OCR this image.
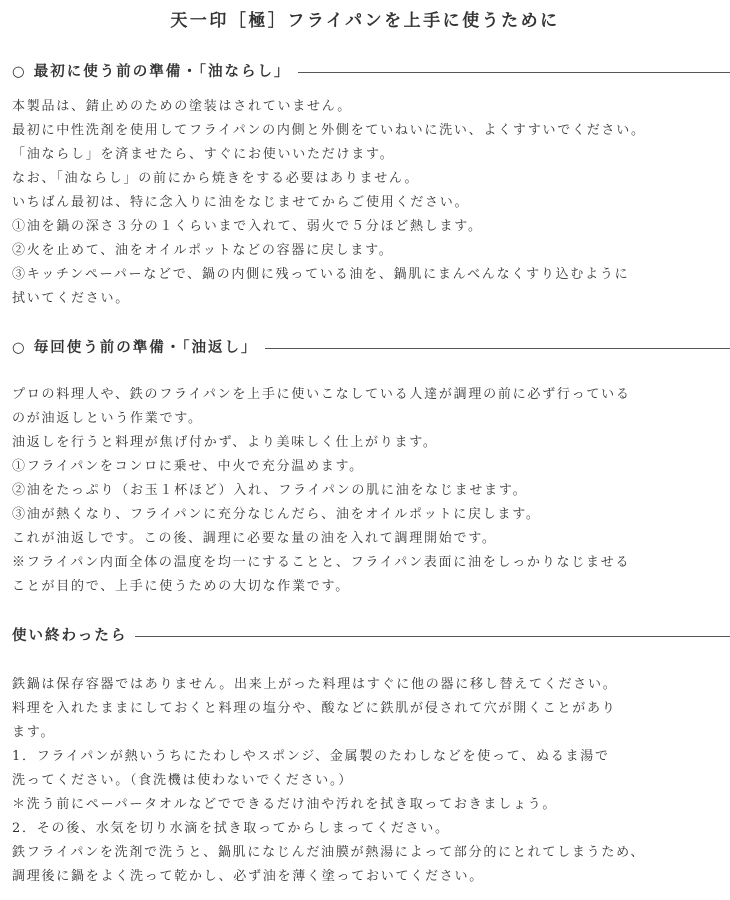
天一印［極］フライパンを上手に使うために
○ 最初に使う前の準備・「油ならし」
本製品は、錆止めのための塗装はされていません。
最初に中性洗剤を使用してフライパンの内側と外側をていねいに洗い、よくすすいでください。
「油ならし」を済ませたら、すぐにお使いいただけます。
なお、「油ならし」の前にから焼きをする必要はありません。
いちばん最初は、特に念入りに油をなじませてからご使用ください。
①油を鍋の深さ３分の１くらいまで入れて、弱火で５分ほど熱します。
②火を止めて、油をオイルポットなどの容器に戻します。
③キッチンペーパーなどで、鍋の内側に残っている油を、鍋肌にまんべんなくすり込むように
拭いてください。
○ 毎回使う前の準備・「油返し」
プロの料理人や、鉄のフライパンを上手に使いこなしている人達が調理の前に必ず行っている
のが油返しという作業です。
油返しを行うと料理が焦げ付かず、より美味しく仕上がります。
①フライパンをコンロに乗せ、中火で充分温めます。
②油をたっぷり（お玉１杯ほど）入れ、フライパンの肌に油をなじませます。
③油が熱くなり、フライパンに充分なじんだら、油をオイルポットに戻します。
これが油返しです。この後、調理に必要な量の油を入れて調理開始です。
※フライパン内面全体の温度を均一にすることと、フライパン表面に油をしっかりなじませる
ことが目的で、上手に使うための大切な作業です。
使い終わったら
鉄鍋は保存容器ではありません。出来上がった料理はすぐに他の器に移し替えてください。
料理を入れたままにしておくと料理の塩分や、酸などに鉄肌が侵されて穴が開くことがあり
ます。
1．フライパンが熱いうちにたわしやスポンジ、金属製のたわしなどを使って、ぬるま湯で
洗ってください。（食洗機は使わないでください。）
＊洗う前にペーパータオルなどでできるだけ油や汚れを拭き取っておきましょう。
2．その後、水気を切り水滴を拭き取ってからしまってください。
鉄フライパンを洗剤で洗うと、鍋肌になじんだ油膜が熱湯によって部分的にとれてしまうため、
調理後に鍋をよく洗って乾かし、必ず油を薄く塗っておいてください。
